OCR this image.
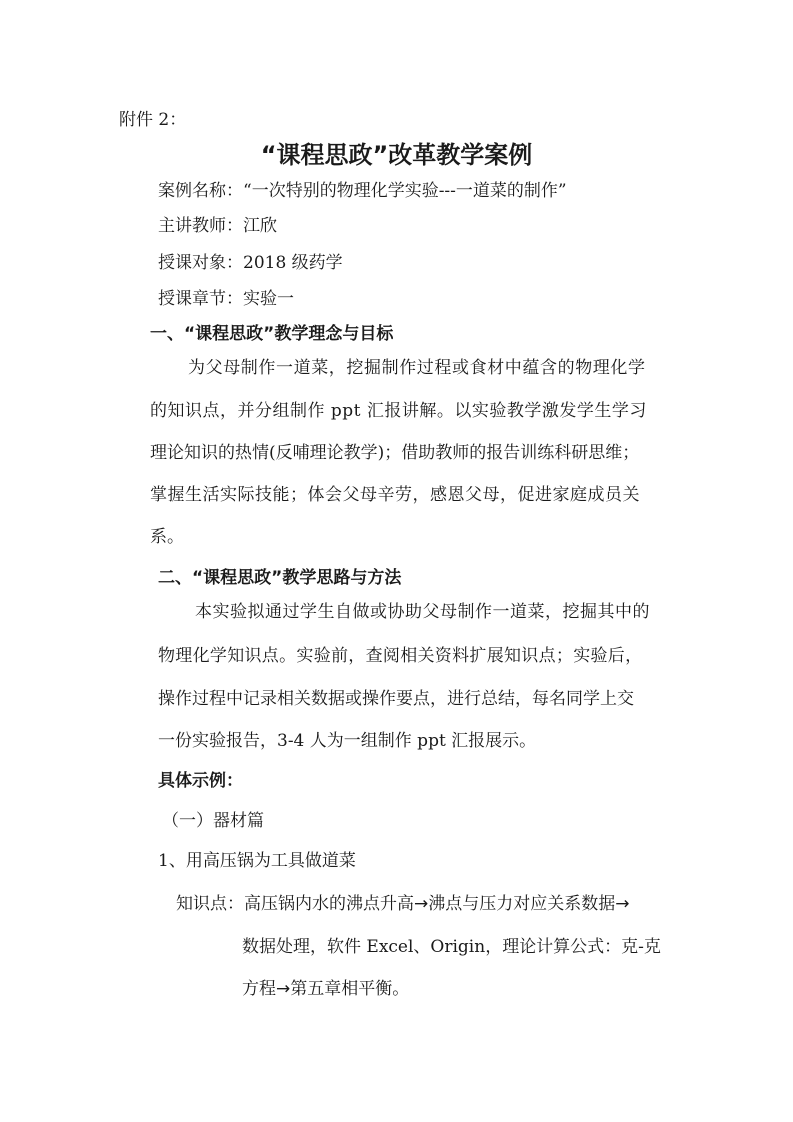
附件 2：
“课程思政”改革教学案例
案例名称：“一次特别的物理化学实验---一道菜的制作”
主讲教师：江欣
授课对象：2018 级药学
授课章节：实验一
一、“课程思政”教学理念与目标
为父母制作一道菜，挖掘制作过程或食材中蕴含的物理化学
的知识点，并分组制作 ppt 汇报讲解。以实验教学激发学生学习
理论知识的热情(反哺理论教学)；借助教师的报告训练科研思维；
掌握生活实际技能；体会父母辛劳，感恩父母，促进家庭成员关
系。
二、“课程思政”教学思路与方法
本实验拟通过学生自做或协助父母制作一道菜，挖掘其中的
物理化学知识点。实验前，查阅相关资料扩展知识点；实验后，
操作过程中记录相关数据或操作要点，进行总结，每名同学上交
一份实验报告，3-4 人为一组制作 ppt 汇报展示。
具体示例：
（一）器材篇
1、用高压锅为工具做道菜
知识点：高压锅内水的沸点升高→沸点与压力对应关系数据→
数据处理，软件 Excel、Origin，理论计算公式：克-克
方程→第五章相平衡。
